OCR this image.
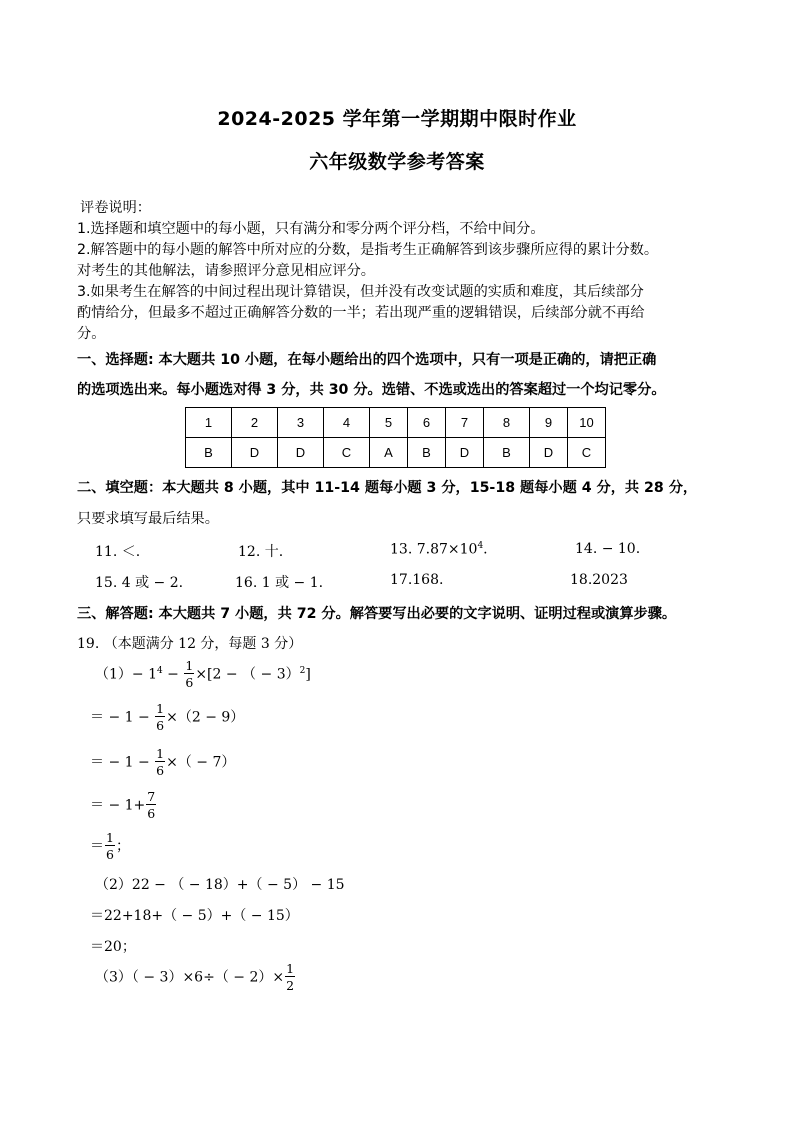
2024-2025 学年第一学期期中限时作业
六年级数学参考答案
评卷说明：
1.选择题和填空题中的每小题，只有满分和零分两个评分档，不给中间分。
2.解答题中的每小题的解答中所对应的分数，是指考生正确解答到该步骤所应得的累计分数。
对考生的其他解法，请参照评分意见相应评分。
3.如果考生在解答的中间过程出现计算错误，但并没有改变试题的实质和难度，其后续部分
酌情给分，但最多不超过正确解答分数的一半；若出现严重的逻辑错误，后续部分就不再给
分。
一、选择题: 本大题共 10 小题，在每小题给出的四个选项中，只有一项是正确的，请把正确
的选项选出来。每小题选对得 3 分，共 30 分。选错、不选或选出的答案超过一个均记零分。
1	2	3	4	5	6	7	8	9	10
B	D	D	C	A	B	D	B	D	C
二、填空题：本大题共 8 小题，其中 11-14 题每小题 3 分，15-18 题每小题 4 分，共 28 分，
只要求填写最后结果。
11. ＜.	12. 十.	13. $7.87\times 10^4$.	14. − 10.
15. 4 或 − 2.	16. 1 或 − 1.	17.168.	18.2023
三、解答题: 本大题共 7 小题，共 72 分。解答要写出必要的文字说明、证明过程或演算步骤。
19. （本题满分 12 分，每题 3 分）
$(1)- 1^4 - \frac{1}{6} \times[2$ − （ − 3）$^2$]
＝ − $1 - \frac{1}{6} \times(2 - 9)$
＝ − $1 - \frac{1}{6}$ ×（ − 7）
＝ − $1+ \frac{7}{6}$
＝ $\frac{1}{6}$ ；
（2）22 − （ − 18）+（ − 5） − 15
＝22+18+（ − 5）+（ − 15）
＝20；
$(3)( - 3)\times 6\div( - 2)\times \frac{1}{2}$
